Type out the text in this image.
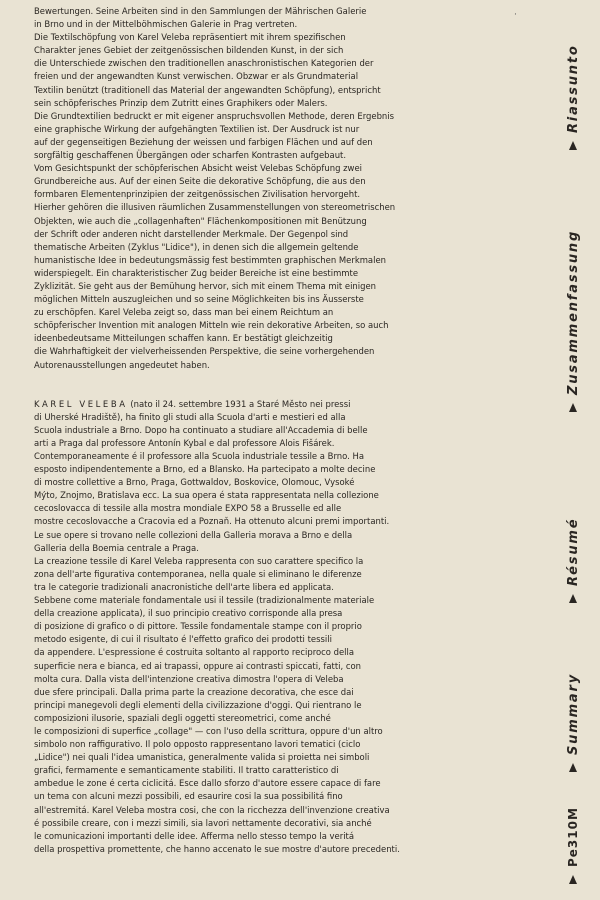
Bewertungen. Seine Arbeiten sind in den Sammlungen der Mährischen Galerie
in Brno und in der Mittelböhmischen Galerie in Prag vertreten.
Die Textilschöpfung von Karel Veleba repräsentiert mit ihrem spezifischen
Charakter jenes Gebiet der zeitgenössischen bildenden Kunst, in der sich
die Unterschiede zwischen den traditionellen anaschronistischen Kategorien der
freien und der angewandten Kunst verwischen. Obzwar er als Grundmaterial
Textilin benützt (traditionell das Material der angewandten Schöpfung), entspricht
sein schöpferisches Prinzip dem Zutritt eines Graphikers oder Malers.
Die Grundtextilien bedruckt er mit eigener anspruchsvollen Methode, deren Ergebnis
eine graphische Wirkung der aufgehängten Textilien ist. Der Ausdruck ist nur
auf der gegenseitigen Beziehung der weissen und farbigen Flächen und auf den
sorgfältig geschaffenen Übergängen oder scharfen Kontrasten aufgebaut.
Vom Gesichtspunkt der schöpferischen Absicht weist Velebas Schöpfung zwei
Grundbereiche aus. Auf der einen Seite die dekorative Schöpfung, die aus den
formbaren Elementenprinzipien der zeitgenössischen Zivilisation hervorgeht.
Hierher gehören die illusiven räumlichen Zusammenstellungen von stereometrischen
Objekten, wie auch die „collagenhaften" Flächenkompositionen mit Benützung
der Schrift oder anderen nicht darstellender Merkmale. Der Gegenpol sind
thematische Arbeiten (Zyklus "Lidice"), in denen sich die allgemein geltende
humanistische Idee in bedeutungsmässig fest bestimmten graphischen Merkmalen
widerspiegelt. Ein charakteristischer Zug beider Bereiche ist eine bestimmte
Zyklizität. Sie geht aus der Bemühung hervor, sich mit einem Thema mit einigen
möglichen Mitteln auszugleichen und so seine Möglichkeiten bis ins Äusserste
zu erschöpfen. Karel Veleba zeigt so, dass man bei einem Reichtum an
schöpferischer Invention mit analogen Mitteln wie rein dekorative Arbeiten, so auch
ideenbedeutsame Mitteilungen schaffen kann. Er bestätigt gleichzeitig
die Wahrhaftigkeit der vielverheissenden Perspektive, die seine vorhergehenden
Autorenausstellungen angedeutet haben.
KAREL VELEBA (nato il 24. settembre 1931 a Staré Město nei pressi
di Uherské Hradiště), ha finito gli studi alla Scuola d'arti e mestieri ed alla
Scuola industriale a Brno. Dopo ha continuato a studiare all'Accademia di belle
arti a Praga dal professore Antonín Kybal e dal professore Alois Fišárek.
Contemporaneamente é il professore alla Scuola industriale tessile a Brno. Ha
esposto indipendentemente a Brno, ed a Blansko. Ha partecipato a molte decine
di mostre collettive a Brno, Praga, Gottwaldov, Boskovice, Olomouc, Vysoké
Mýto, Znojmo, Bratislava ecc. La sua opera é stata rappresentata nella collezione
cecoslovacca di tessile alla mostra mondiale EXPO 58 a Brusselle ed alle
mostre cecoslovacche a Cracovia ed a Poznaň. Ha ottenuto alcuni premi importanti.
Le sue opere si trovano nelle collezioni della Galleria morava a Brno e della
Galleria della Boemia centrale a Praga.
La creazione tessile di Karel Veleba rappresenta con suo carattere specifico la
zona dell'arte figurativa contemporanea, nella quale si eliminano le diferenze
tra le categorie tradizionali anacronistiche dell'arte libera ed applicata.
Sebbene come materiale fondamentale usi il tessile (tradizionalmente materiale
della creazione applicata), il suo principio creativo corrisponde alla presa
di posizione di grafico o di pittore. Tessile fondamentale stampe con il proprio
metodo esigente, di cui il risultato é l'effetto grafico dei prodotti tessili
da appendere. L'espressione é costruita soltanto al rapporto reciproco della
superficie nera e bianca, ed ai trapassi, oppure ai contrasti spiccati, fatti, con
molta cura. Dalla vista dell'intenzione creativa dimostra l'opera di Veleba
due sfere principali. Dalla prima parte la creazione decorativa, che esce dai
principi manegevoli degli elementi della civilizzazione d'oggi. Qui rientrano le
composizioni ilusorie, spaziali degli oggetti stereometrici, come anché
le composizioni di superfice „collage" — con l'uso della scrittura, oppure d'un altro
simbolo non raffigurativo. Il polo opposto rappresentano lavori tematici (ciclo
„Lidice") nei quali l'idea umanistica, generalmente valida si proietta nei simboli
grafici, fermamente e semanticamente stabiliti. Il tratto caratteristico di
ambedue le zone é certa ciclicitá. Esce dallo sforzo d'autore essere capace di fare
un tema con alcuni mezzi possibili, ed esaurire cosi la sua possibilitá fino
all'estremitá. Karel Veleba mostra cosi, che con la ricchezza dell'invenzione creativa
é possibile creare, con i mezzi simili, sia lavori nettamente decorativi, sia anché
le comunicazioni importanti delle idee. Afferma nello stesso tempo la veritá
della prospettiva promettente, che hanno accenato le sue mostre d'autore precedenti.
·
Pe310M
Summary
Résumé
Zusammenfassung
Riassunto
